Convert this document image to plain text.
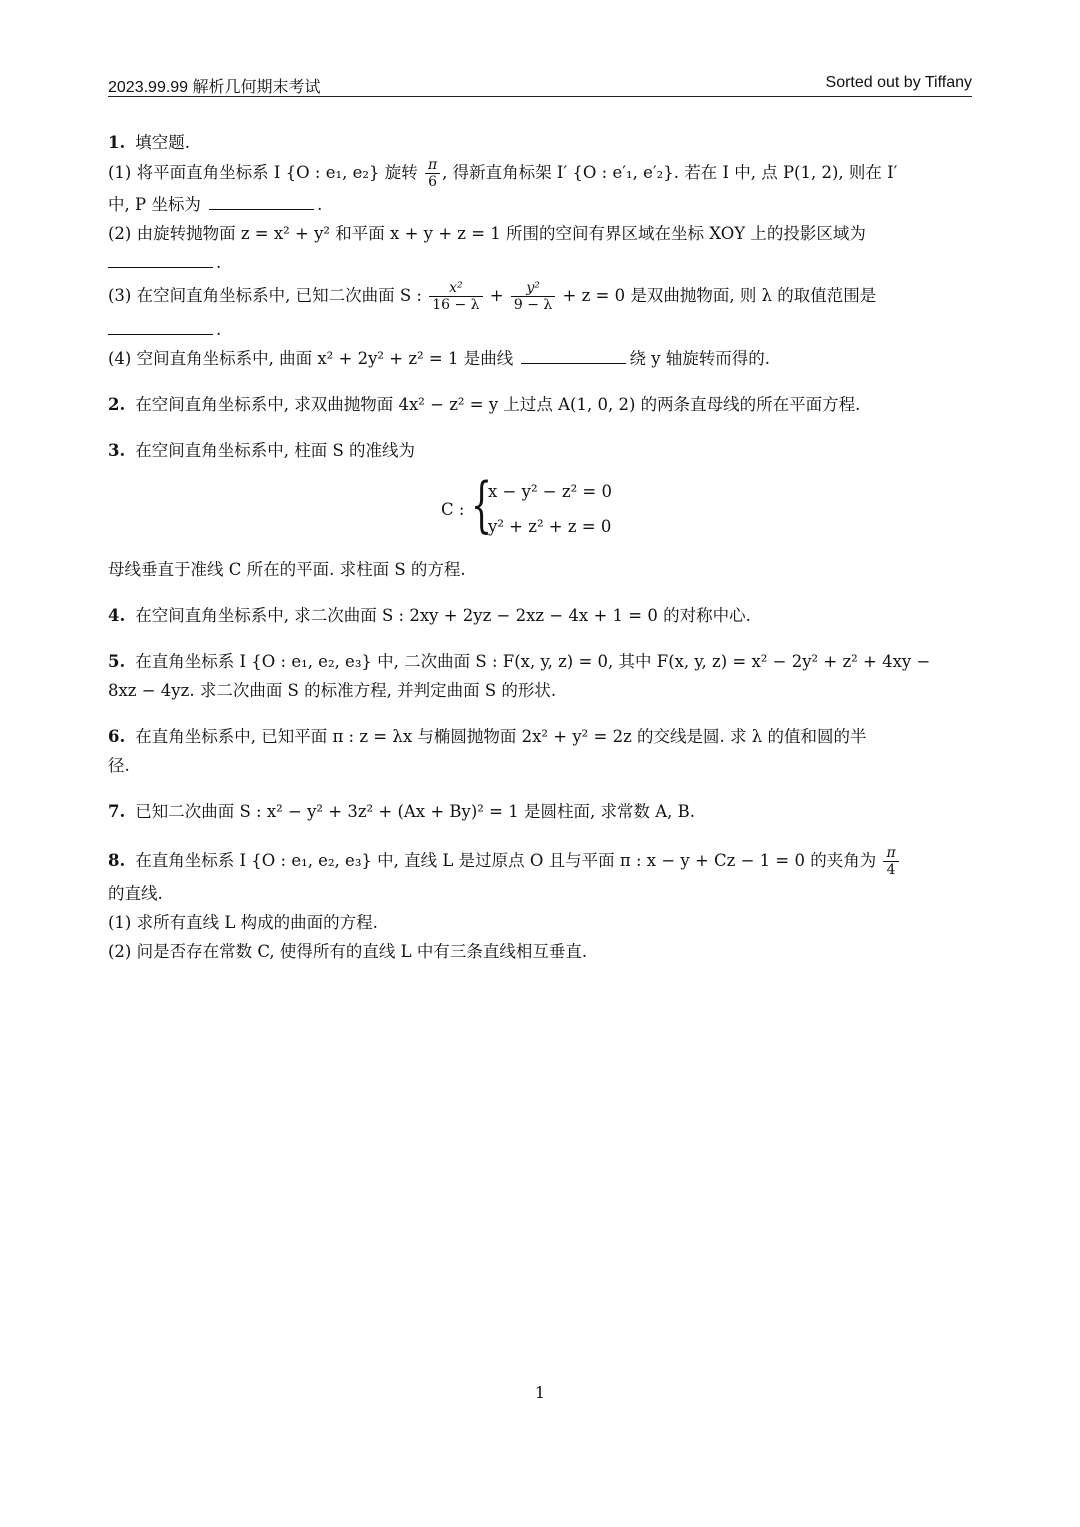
2023.99.99 解析几何期末考试	Sorted out by Tiffany
1. 填空题.
(1) 将平面直角坐标系 I {O : e₁, e₂} 旋转 $\frac{\pi}{6}$ , 得新直角标架 I′ {O : e′₁, e′₂}. 若在 I 中, 点 P(1, 2), 则在 I′
中, P 坐标为	.
(2) 由旋转抛物面 z = x² + y² 和平面 x + y + z = 1 所围的空间有界区域在坐标 XOY 上的投影区域为
.
(3) 在空间直角坐标系中, 已知二次曲面 S : $\frac{\text{x²}}{16 - \lambda} + \frac{\text{y²}}{9 - \lambda} + z = 0$ 是双曲抛物面, 则 λ 的取值范围是
.
(4) 空间直角坐标系中, 曲面 x² + 2y² + z² = 1 是曲线	绕 y 轴旋转而得的.
2. 在空间直角坐标系中, 求双曲抛物面 4x² − z² = y 上过点 A(1, 0, 2) 的两条直母线的所在平面方程.
3. 在空间直角坐标系中, 柱面 S 的准线为
C : {
x − y² − z² = 0
y² + z² + z = 0
母线垂直于准线 C 所在的平面. 求柱面 S 的方程.
4. 在空间直角坐标系中, 求二次曲面 S : 2xy + 2yz − 2xz − 4x + 1 = 0 的对称中心.
5. 在直角坐标系 I {O : e₁, e₂, e₃} 中, 二次曲面 S : F(x, y, z) = 0, 其中 F(x, y, z) = x² − 2y² + z² + 4xy −
8xz − 4yz. 求二次曲面 S 的标准方程, 并判定曲面 S 的形状.
6. 在直角坐标系中, 已知平面 π : z = λx 与椭圆抛物面 2x² + y² = 2z 的交线是圆. 求 λ 的值和圆的半
径.
7. 已知二次曲面 S : x² − y² + 3z² + (Ax + By)² = 1 是圆柱面, 求常数 A, B.
8. 在直角坐标系 I {O : e₁, e₂, e₃} 中, 直线 L 是过原点 O 且与平面 π : x − y + Cz − 1 = 0 的夹角为 $\frac{\pi}{4}$
的直线.
(1) 求所有直线 L 构成的曲面的方程.
(2) 问是否存在常数 C, 使得所有的直线 L 中有三条直线相互垂直.
1
